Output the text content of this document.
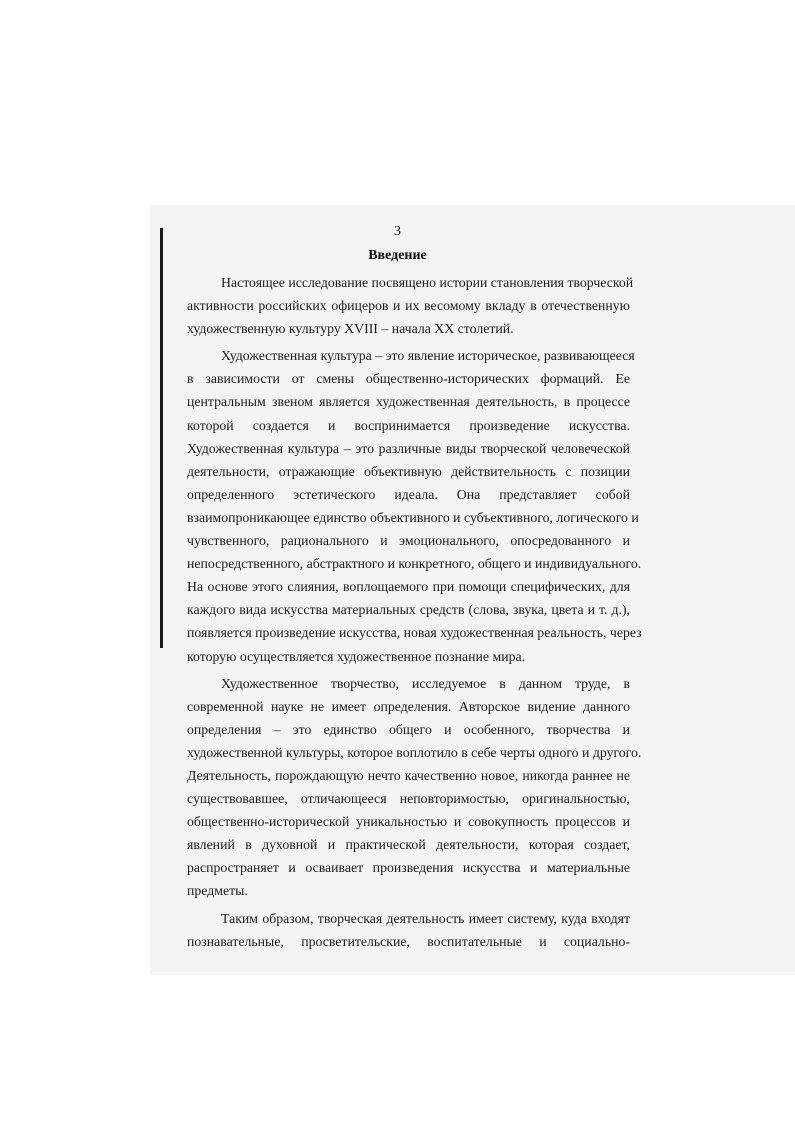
3
Введение
Настоящее исследование посвящено истории становления творческой
активности российских офицеров и их весомому вкладу в отечественную
художественную культуру XVIII – начала XX столетий.
Художественная культура – это явление историческое, развивающееся
в зависимости от смены общественно-исторических формаций. Ее
центральным звеном является художественная деятельность, в процессе
которой создается и воспринимается произведение искусства.
Художественная культура – это различные виды творческой человеческой
деятельности, отражающие объективную действительность с позиции
определенного эстетического идеала. Она представляет собой
взаимопроникающее единство объективного и субъективного, логического и
чувственного, рационального и эмоционального, опосредованного и
непосредственного, абстрактного и конкретного, общего и индивидуального.
На основе этого слияния, воплощаемого при помощи специфических, для
каждого вида искусства материальных средств (слова, звука, цвета и т. д.),
появляется произведение искусства, новая художественная реальность, через
которую осуществляется художественное познание мира.
Художественное творчество, исследуемое в данном труде, в
современной науке не имеет определения. Авторское видение данного
определения – это единство общего и особенного, творчества и
художественной культуры, которое воплотило в себе черты одного и другого.
Деятельность, порождающую нечто качественно новое, никогда раннее не
существовавшее, отличающееся неповторимостью, оригинальностью,
общественно-исторической уникальностью и совокупность процессов и
явлений в духовной и практической деятельности, которая создает,
распространяет и осваивает произведения искусства и материальные
предметы.
Таким образом, творческая деятельность имеет систему, куда входят
познавательные, просветительские, воспитательные и социально-
